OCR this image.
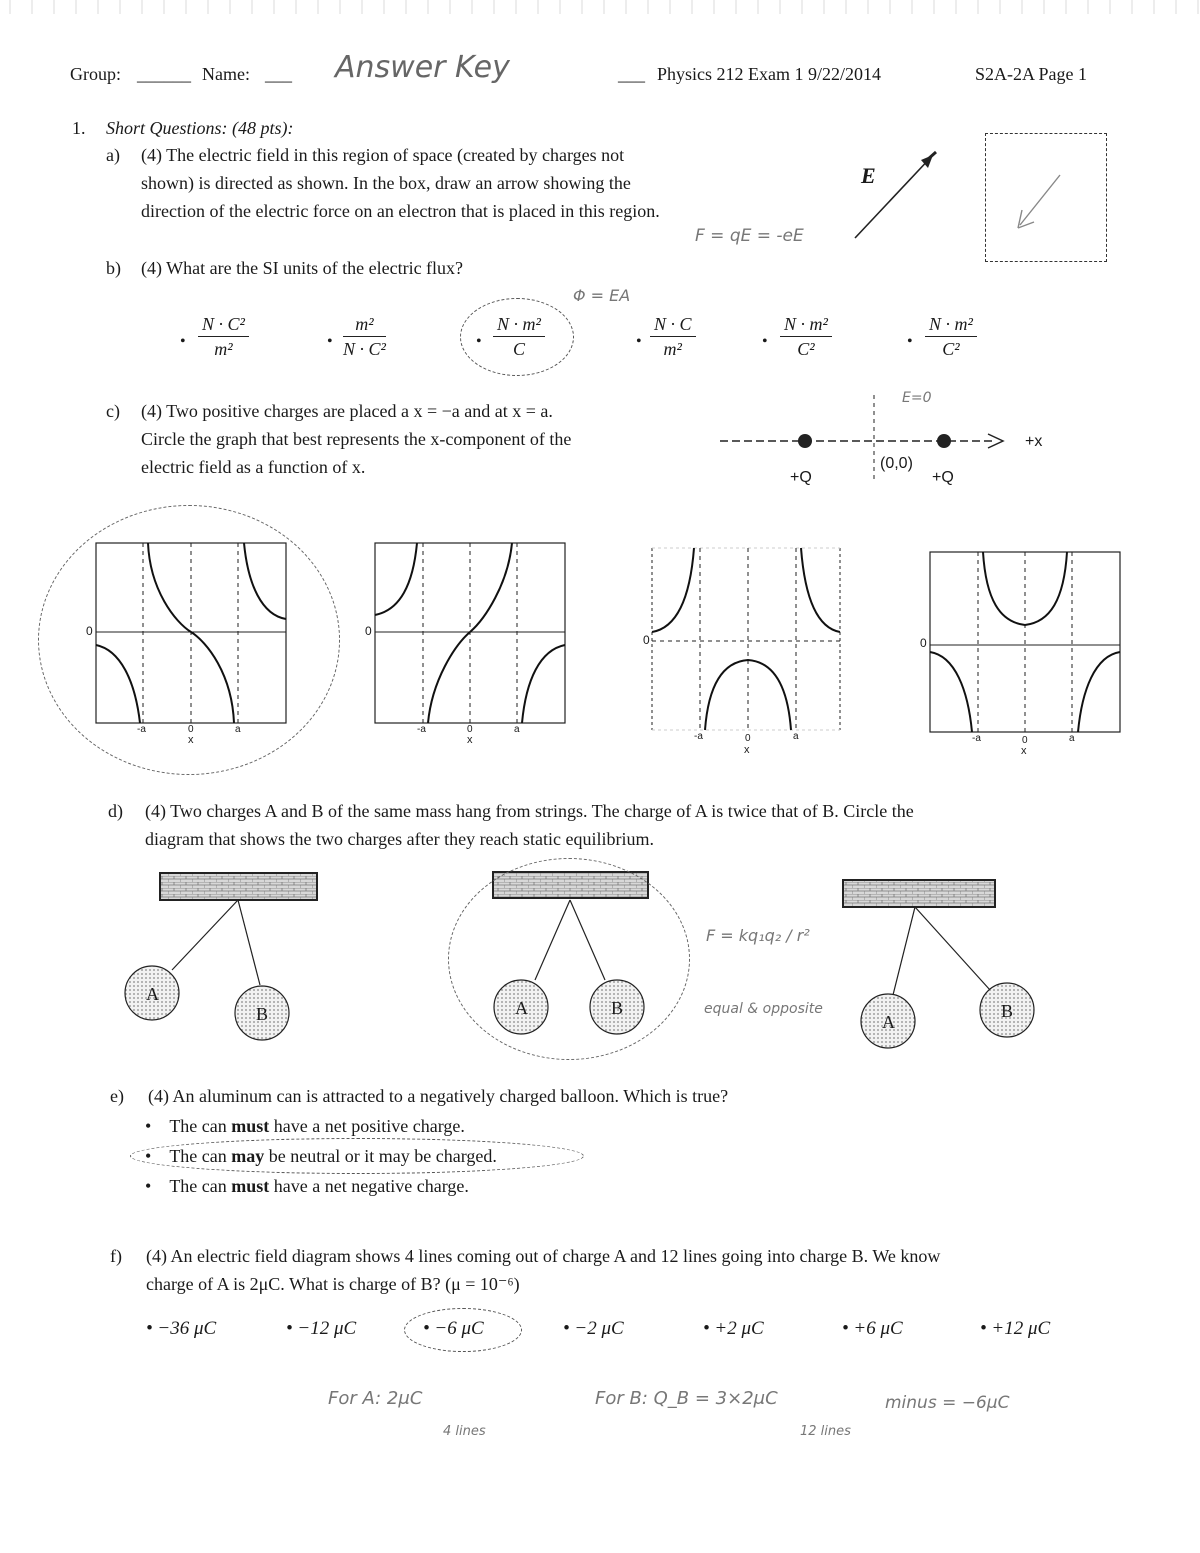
Group: ______ Name: ___ Answer Key	___ Physics 212 Exam 1 9/22/2014	S2A-2A Page 1
1. Short Questions: (48 pts):
a) (4) The electric field in this region of space (created by charges not
shown) is directed as shown. In the box, draw an arrow showing the
direction of the electric force on an electron that is placed in this region.
F = qE = -eE
E
b) (4) What are the SI units of the electric flux?
Φ = EA
• $\frac{\text{N · C²}}{\text{m²}}$	• $\frac{\text{m²}}{\text{N · C²}}$	• $\frac{\text{N · m²}}{C}$	• $\frac{N \cdot C}{\text{m²}}$	• $\frac{\text{N · m²}}{\text{C²}}$	• $\frac{\text{N · m²}}{\text{C²}}$
c) (4) Two positive charges are placed a x = −a and at x = a.
Circle the graph that best represents the x-component of the
electric field as a function of x.
+x
+Q	+Q
(0,0)
E=0
0
-a	0	a
x
0
-a	0	a
x
0
-a	0	a
x
0
-a	0	a
x
d) (4) Two charges A and B of the same mass hang from strings. The charge of A is twice that of B. Circle the
diagram that shows the two charges after they reach static equilibrium.
A
B	A	B
A
B
F = kq₁q₂ / r²
equal & opposite
e) (4) An aluminum can is attracted to a negatively charged balloon. Which is true?
• The can must have a net positive charge.
• The can may be neutral or it may be charged.
• The can must have a net negative charge.
f) (4) An electric field diagram shows 4 lines coming out of charge A and 12 lines going into charge B. We know
charge of A is 2μC. What is charge of B? (μ = 10⁻⁶)
• −36 μC	• −12 μC	• −6 μC	• −2 μC	• +2 μC	• +6 μC	• +12 μC
For A: 2μC
4 lines
For B: Q_B = 3×2μC
12 lines
minus = −6μC
